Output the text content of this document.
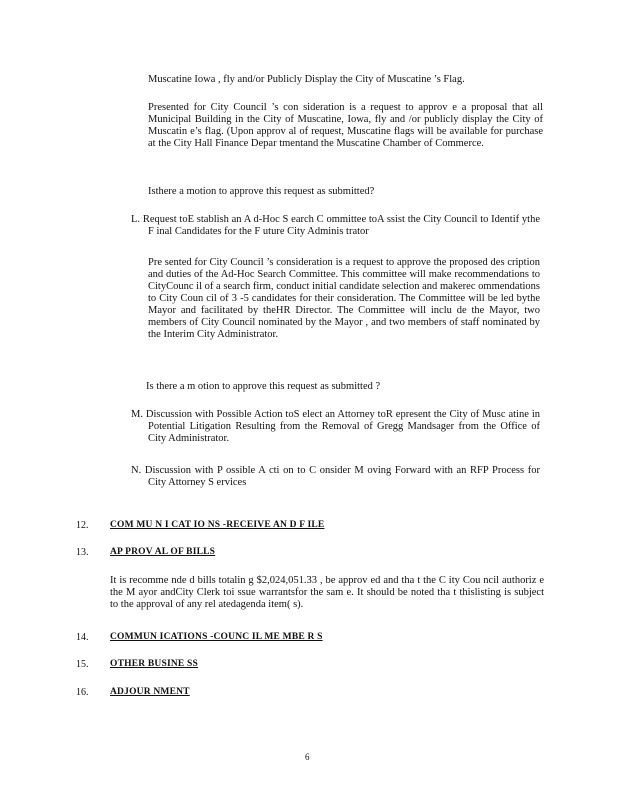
Muscatine Iowa , fly and/or Publicly Display the City of Muscatine ’s Flag.

Presented for City Council ’s con sideration is a request to approv e a proposal that all Municipal Building in the City of Muscatine, Iowa, fly and /or publicly display the City of Muscatin e’s flag. (Upon approv al of request, Muscatine flags will be available for purchase at the City Hall Finance Depar tmentand the Muscatine Chamber of Commerce.

Isthere a motion to approve this request as submitted?

L. Request toE stablish an A d-Hoc S earch C ommittee toA ssist the City Council to Identif ythe F inal Candidates for the F uture City Adminis trator

Pre sented for City Council ’s consideration is a request to approve the proposed des cription and duties of the Ad-Hoc Search Committee. This committee will make recommendations to CityCounc il of a search firm, conduct initial candidate selection and makerec ommendations to City Coun cil of 3 -5 candidates for their consideration. The Committee will be led bythe Mayor and facilitated by theHR Director. The Committee will inclu de the Mayor, two members of City Council nominated by the Mayor , and two members of staff nominated by the Interim City Administrator.

Is there a m otion to approve this request as submitted ?

M. Discussion with Possible Action toS elect an Attorney toR epresent the City of Musc atine in Potential Litigation Resulting from the Removal of Gregg Mandsager from the Office of City Administrator.

N. Discussion with P ossible A cti on to C onsider M oving Forward with an RFP Process for City Attorney S ervices

12. COM MU N I CAT IO NS -RECEIVE AN D F ILE
13. AP PROV AL OF BILLS

It is recomme nde d bills totalin g $2,024,051.33 , be approv ed and tha t the C ity Cou ncil authoriz e the M ayor andCity Clerk toi ssue warrantsfor the sam e. It should be noted tha t thislisting is subject to the approval of any rel atedagenda item( s).

14. COMMUN ICATIONS -COUNC IL ME MBE R S
15. OTHER BUSINE SS
16. ADJOUR NMENT
6
